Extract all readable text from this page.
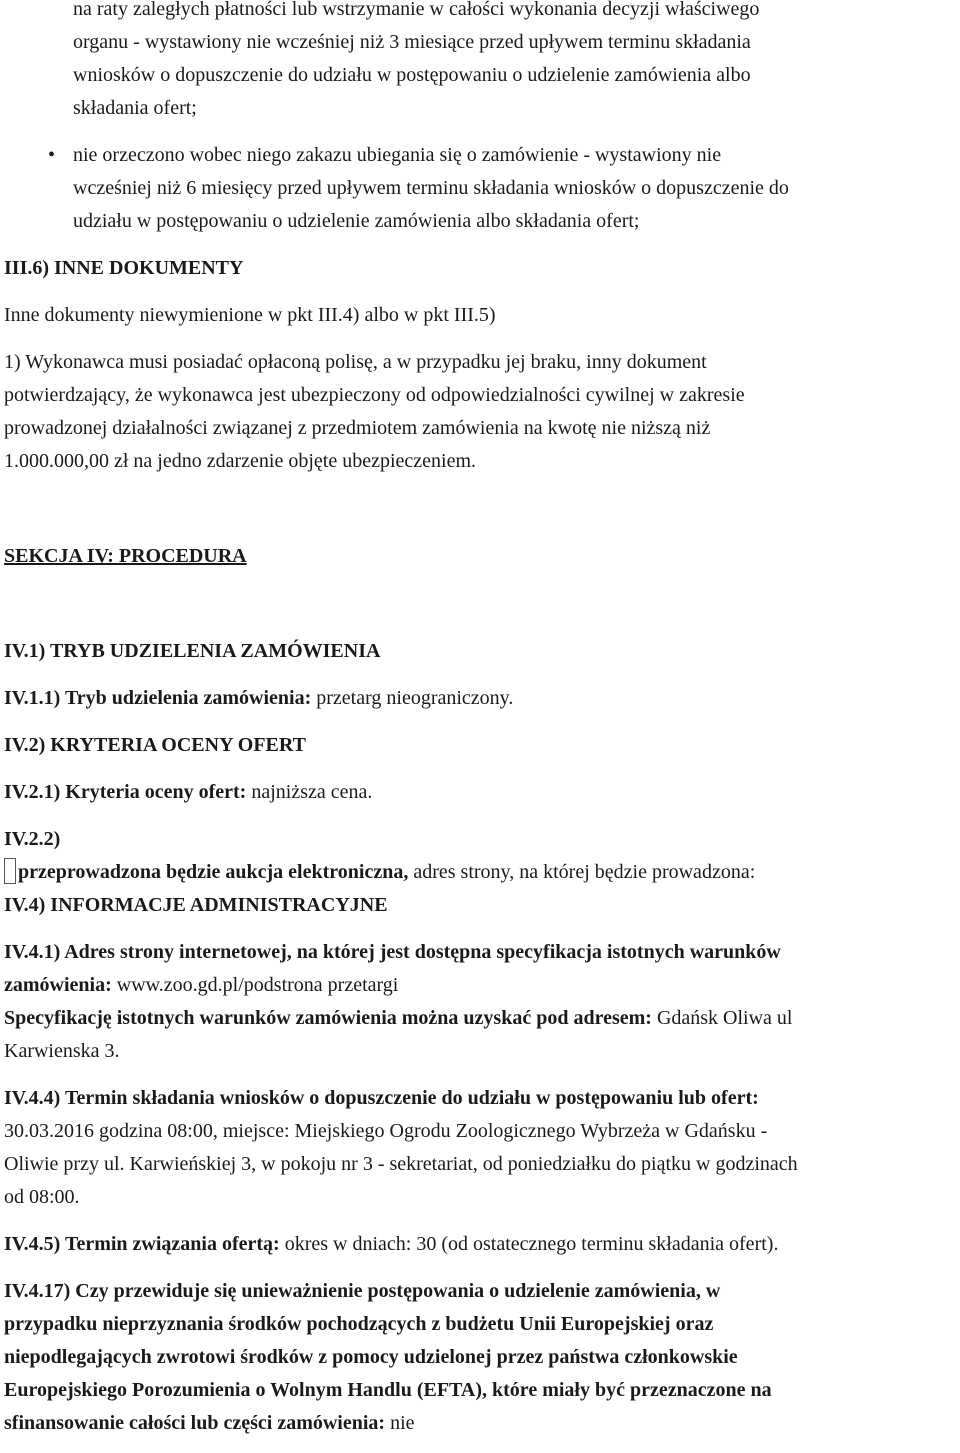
na raty zaległych płatności lub wstrzymanie w całości wykonania decyzji właściwego

organu - wystawiony nie wcześniej niż 3 miesiące przed upływem terminu składania

wniosków o dopuszczenie do udziału w postępowaniu o udzielenie zamówienia albo

składania ofert;

• nie orzeczono wobec niego zakazu ubiegania się o zamówienie - wystawiony nie

wcześniej niż 6 miesięcy przed upływem terminu składania wniosków o dopuszczenie do

udziału w postępowaniu o udzielenie zamówienia albo składania ofert;

III.6) INNE DOKUMENTY

Inne dokumenty niewymienione w pkt III.4) albo w pkt III.5)

1) Wykonawca musi posiadać opłaconą polisę, a w przypadku jej braku, inny dokument

potwierdzający, że wykonawca jest ubezpieczony od odpowiedzialności cywilnej w zakresie

prowadzonej działalności związanej z przedmiotem zamówienia na kwotę nie niższą niż

1.000.000,00 zł na jedno zdarzenie objęte ubezpieczeniem.

SEKCJA IV: PROCEDURA

IV.1) TRYB UDZIELENIA ZAMÓWIENIA

IV.1.1) Tryb udzielenia zamówienia: przetarg nieograniczony.

IV.2) KRYTERIA OCENY OFERT

IV.2.1) Kryteria oceny ofert: najniższa cena.

IV.2.2)

przeprowadzona będzie aukcja elektroniczna, adres strony, na której będzie prowadzona:

IV.4) INFORMACJE ADMINISTRACYJNE

IV.4.1) Adres strony internetowej, na której jest dostępna specyfikacja istotnych warunków

zamówienia: www.zoo.gd.pl/podstrona przetargi

Specyfikację istotnych warunków zamówienia można uzyskać pod adresem: Gdańsk Oliwa ul

Karwienska 3.

IV.4.4) Termin składania wniosków o dopuszczenie do udziału w postępowaniu lub ofert:

30.03.2016 godzina 08:00, miejsce: Miejskiego Ogrodu Zoologicznego Wybrzeża w Gdańsku -

Oliwie przy ul. Karwieńskiej 3, w pokoju nr 3 - sekretariat, od poniedziałku do piątku w godzinach

od 08:00.

IV.4.5) Termin związania ofertą: okres w dniach: 30 (od ostatecznego terminu składania ofert).

IV.4.17) Czy przewiduje się unieważnienie postępowania o udzielenie zamówienia, w

przypadku nieprzyznania środków pochodzących z budżetu Unii Europejskiej oraz

niepodlegających zwrotowi środków z pomocy udzielonej przez państwa członkowskie

Europejskiego Porozumienia o Wolnym Handlu (EFTA), które miały być przeznaczone na

sfinansowanie całości lub części zamówienia: nie
